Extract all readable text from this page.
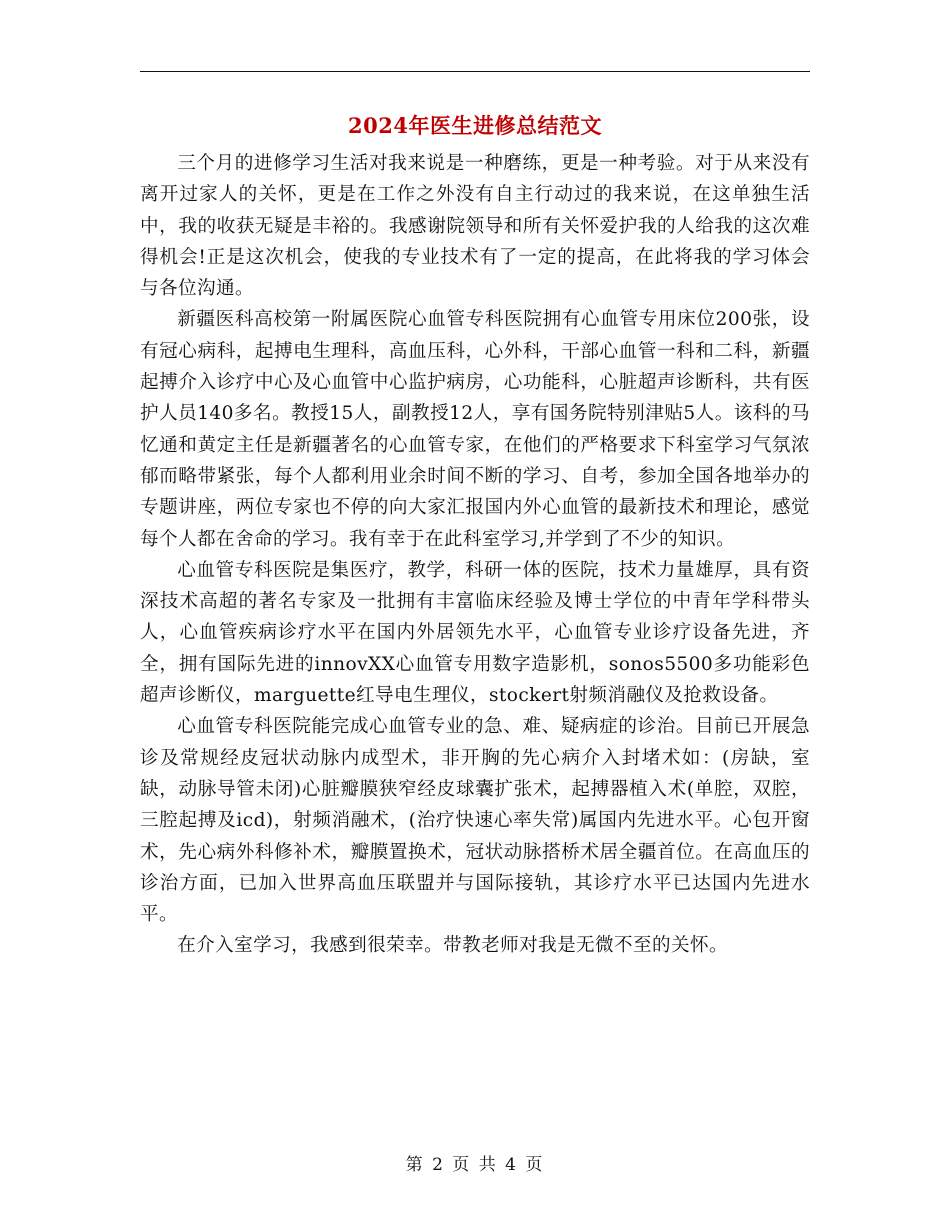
2024年医生进修总结范文

三个月的进修学习生活对我来说是一种磨练，更是一种考验。对于从来没有离开过家人的关怀，更是在工作之外没有自主行动过的我来说，在这单独生活中，我的收获无疑是丰裕的。我感谢院领导和所有关怀爱护我的人给我的这次难得机会!正是这次机会，使我的专业技术有了一定的提高，在此将我的学习体会与各位沟通。

新疆医科高校第一附属医院心血管专科医院拥有心血管专用床位200张，设有冠心病科，起搏电生理科，高血压科，心外科，干部心血管一科和二科，新疆起搏介入诊疗中心及心血管中心监护病房，心功能科，心脏超声诊断科，共有医护人员140多名。教授15人，副教授12人，享有国务院特别津贴5人。该科的马忆通和黄定主任是新疆著名的心血管专家，在他们的严格要求下科室学习气氛浓郁而略带紧张，每个人都利用业余时间不断的学习、自考，参加全国各地举办的专题讲座，两位专家也不停的向大家汇报国内外心血管的最新技术和理论，感觉每个人都在舍命的学习。我有幸于在此科室学习,并学到了不少的知识。

心血管专科医院是集医疗，教学，科研一体的医院，技术力量雄厚，具有资深技术高超的著名专家及一批拥有丰富临床经验及博士学位的中青年学科带头人，心血管疾病诊疗水平在国内外居领先水平，心血管专业诊疗设备先进，齐全，拥有国际先进的innovXX心血管专用数字造影机，sonos5500多功能彩色超声诊断仪，marguette红导电生理仪，stockert射频消融仪及抢救设备。

心血管专科医院能完成心血管专业的急、难、疑病症的诊治。目前已开展急诊及常规经皮冠状动脉内成型术，非开胸的先心病介入封堵术如：(房缺，室缺，动脉导管未闭)心脏瓣膜狭窄经皮球囊扩张术，起搏器植入术(单腔，双腔，三腔起搏及icd)，射频消融术，(治疗快速心率失常)属国内先进水平。心包开窗术，先心病外科修补术，瓣膜置换术，冠状动脉搭桥术居全疆首位。在高血压的诊治方面，已加入世界高血压联盟并与国际接轨，其诊疗水平已达国内先进水平。

在介入室学习，我感到很荣幸。带教老师对我是无微不至的关怀。

第 2 页 共 4 页
